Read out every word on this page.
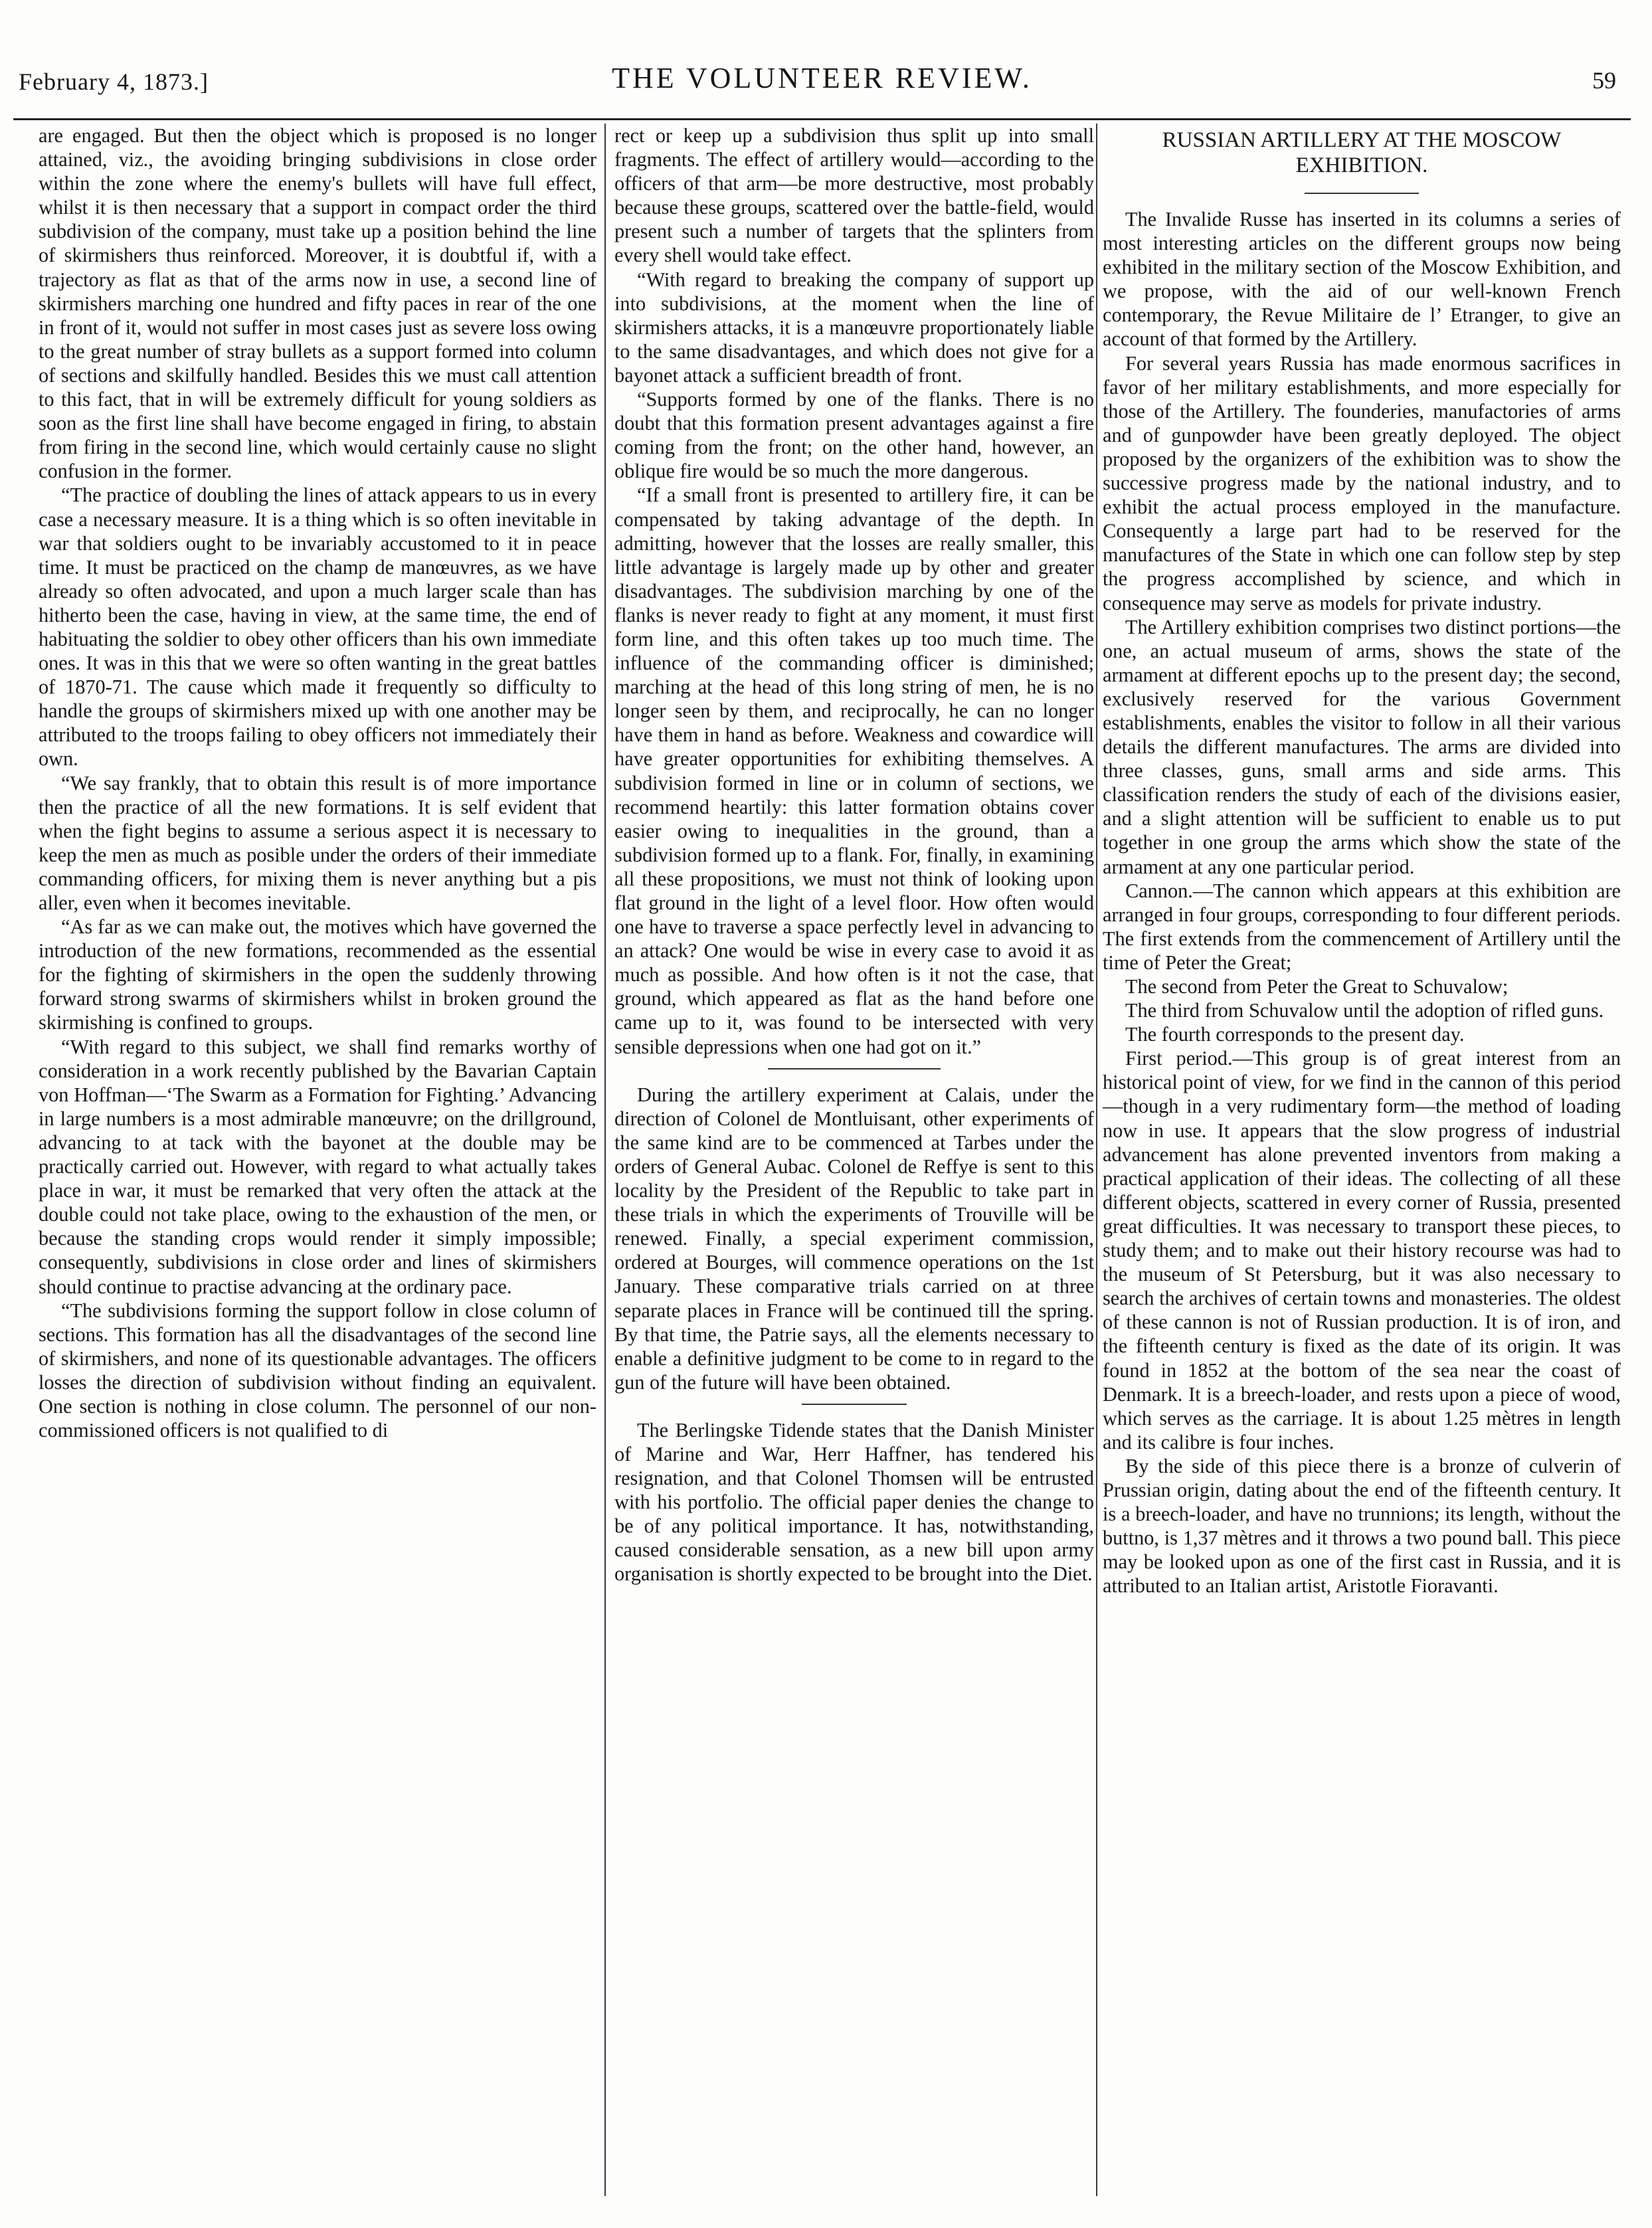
February 4, 1873.]	THE VOLUNTEER REVIEW.	59

are engaged. But then the object which is proposed is no longer attained, viz., the avoiding bringing subdivisions in close order within the zone where the enemy's bullets will have full effect, whilst it is then necessary that a support in compact order the third subdivision of the company, must take up a position behind the line of skirmishers thus reinforced. Moreover, it is doubtful if, with a trajectory as flat as that of the arms now in use, a second line of skirmishers marching one hundred and fifty paces in rear of the one in front of it, would not suffer in most cases just as severe loss owing to the great number of stray bullets as a support formed into column of sections and skilfully handled. Besides this we must call attention to this fact, that in will be extremely difficult for young soldiers as soon as the first line shall have become engaged in firing, to abstain from firing in the second line, which would certainly cause no slight confusion in the former.

“The practice of doubling the lines of attack appears to us in every case a necessary measure. It is a thing which is so often inevitable in war that soldiers ought to be invariably accustomed to it in peace time. It must be practiced on the champ de manœuvres, as we have already so often advocated, and upon a much larger scale than has hitherto been the case, having in view, at the same time, the end of habituating the soldier to obey other officers than his own immediate ones. It was in this that we were so often wanting in the great battles of 1870-71. The cause which made it frequently so difficulty to handle the groups of skirmishers mixed up with one another may be attributed to the troops failing to obey officers not immediately their own.

“We say frankly, that to obtain this result is of more importance then the practice of all the new formations. It is self evident that when the fight begins to assume a serious aspect it is necessary to keep the men as much as posible under the orders of their immediate commanding officers, for mixing them is never anything but a pis aller, even when it becomes inevitable.

“As far as we can make out, the motives which have governed the introduction of the new formations, recommended as the essential for the fighting of skirmishers in the open the suddenly throwing forward strong swarms of skirmishers whilst in broken ground the skirmishing is confined to groups.

“With regard to this subject, we shall find remarks worthy of consideration in a work recently published by the Bavarian Captain von Hoffman—‘The Swarm as a Formation for Fighting.’ Advancing in large numbers is a most admirable manœuvre; on the drillground, advancing to at tack with the bayonet at the double may be practically carried out. However, with regard to what actually takes place in war, it must be remarked that very often the attack at the double could not take place, owing to the exhaustion of the men, or because the standing crops would render it simply impossible; consequently, subdivisions in close order and lines of skirmishers should continue to practise advancing at the ordinary pace.

“The subdivisions forming the support follow in close column of sections. This formation has all the disadvantages of the second line of skirmishers, and none of its questionable advantages. The officers losses the direction of subdivision without finding an equivalent. One section is nothing in close column. The personnel of our non-commissioned officers is not qualified to di

rect or keep up a subdivision thus split up into small fragments. The effect of artillery would—according to the officers of that arm—be more destructive, most probably because these groups, scattered over the battle-field, would present such a number of targets that the splinters from every shell would take effect.

“With regard to breaking the company of support up into subdivisions, at the moment when the line of skirmishers attacks, it is a manœuvre proportionately liable to the same disadvantages, and which does not give for a bayonet attack a sufficient breadth of front.

“Supports formed by one of the flanks. There is no doubt that this formation present advantages against a fire coming from the front; on the other hand, however, an oblique fire would be so much the more dangerous.

“If a small front is presented to artillery fire, it can be compensated by taking advantage of the depth. In admitting, however that the losses are really smaller, this little advantage is largely made up by other and greater disadvantages. The subdivision marching by one of the flanks is never ready to fight at any moment, it must first form line, and this often takes up too much time. The influence of the commanding officer is diminished; marching at the head of this long string of men, he is no longer seen by them, and reciprocally, he can no longer have them in hand as before. Weakness and cowardice will have greater opportunities for exhibiting themselves. A subdivision formed in line or in column of sections, we recommend heartily: this latter formation obtains cover easier owing to inequalities in the ground, than a subdivision formed up to a flank. For, finally, in examining all these propositions, we must not think of looking upon flat ground in the light of a level floor. How often would one have to traverse a space perfectly level in advancing to an attack? One would be wise in every case to avoid it as much as possible. And how often is it not the case, that ground, which appeared as flat as the hand before one came up to it, was found to be intersected with very sensible depressions when one had got on it.”

During the artillery experiment at Calais, under the direction of Colonel de Montluisant, other experiments of the same kind are to be commenced at Tarbes under the orders of General Aubac. Colonel de Reffye is sent to this locality by the President of the Republic to take part in these trials in which the experiments of Trouville will be renewed. Finally, a special experiment commission, ordered at Bourges, will commence operations on the 1st January. These comparative trials carried on at three separate places in France will be continued till the spring. By that time, the Patrie says, all the elements necessary to enable a definitive judgment to be come to in regard to the gun of the future will have been obtained.

The Berlingske Tidende states that the Danish Minister of Marine and War, Herr Haffner, has tendered his resignation, and that Colonel Thomsen will be entrusted with his portfolio. The official paper denies the change to be of any political importance. It has, notwithstanding, caused considerable sensation, as a new bill upon army organisation is shortly expected to be brought into the Diet.

RUSSIAN ARTILLERY AT THE MOSCOW EXHIBITION.

The Invalide Russe has inserted in its columns a series of most interesting articles on the different groups now being exhibited in the military section of the Moscow Exhibition, and we propose, with the aid of our well-known French contemporary, the Revue Militaire de l’ Etranger, to give an account of that formed by the Artillery.

For several years Russia has made enormous sacrifices in favor of her military establishments, and more especially for those of the Artillery. The founderies, manufactories of arms and of gunpowder have been greatly deployed. The object proposed by the organizers of the exhibition was to show the successive progress made by the national industry, and to exhibit the actual process employed in the manufacture. Consequently a large part had to be reserved for the manufactures of the State in which one can follow step by step the progress accomplished by science, and which in consequence may serve as models for private industry.

The Artillery exhibition comprises two distinct portions—the one, an actual museum of arms, shows the state of the armament at different epochs up to the present day; the second, exclusively reserved for the various Government establishments, enables the visitor to follow in all their various details the different manufactures. The arms are divided into three classes, guns, small arms and side arms. This classification renders the study of each of the divisions easier, and a slight attention will be sufficient to enable us to put together in one group the arms which show the state of the armament at any one particular period.

Cannon.—The cannon which appears at this exhibition are arranged in four groups, corresponding to four different periods. The first extends from the commencement of Artillery until the time of Peter the Great;

The second from Peter the Great to Schuvalow;

The third from Schuvalow until the adoption of rifled guns.

The fourth corresponds to the present day.

First period.—This group is of great interest from an historical point of view, for we find in the cannon of this period—though in a very rudimentary form—the method of loading now in use. It appears that the slow progress of industrial advancement has alone prevented inventors from making a practical application of their ideas. The collecting of all these different objects, scattered in every corner of Russia, presented great difficulties. It was necessary to transport these pieces, to study them; and to make out their history recourse was had to the museum of St Petersburg, but it was also necessary to search the archives of certain towns and monasteries. The oldest of these cannon is not of Russian production. It is of iron, and the fifteenth century is fixed as the date of its origin. It was found in 1852 at the bottom of the sea near the coast of Denmark. It is a breech-loader, and rests upon a piece of wood, which serves as the carriage. It is about 1.25 mètres in length and its calibre is four inches.

By the side of this piece there is a bronze of culverin of Prussian origin, dating about the end of the fifteenth century. It is a breech-loader, and have no trunnions; its length, without the buttno, is 1,37 mètres and it throws a two pound ball. This piece may be looked upon as one of the first cast in Russia, and it is attributed to an Italian artist, Aristotle Fioravanti.
